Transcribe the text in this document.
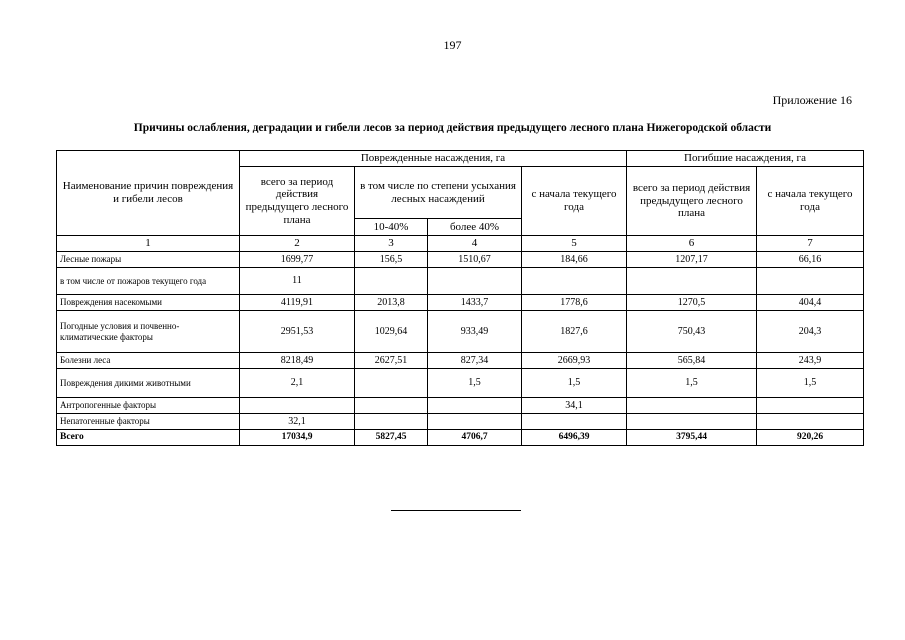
197
Приложение 16
Причины ослабления, деградации и гибели лесов за период действия предыдущего лесного плана Нижегородской области
Наименование причин повреждения и гибели лесов	Поврежденные насаждения, га				Погибшие насаждения, га	
	всего за период действия предыдущего лесного плана	в том числе по степени усыхания лесных насаждений		с начала текущего года	всего за период действия предыдущего лесного плана	с начала текущего года
		10-40%	более 40%			
1	2	3	4	5	6	7
Лесные пожары	1699,77	156,5	1510,67	184,66	1207,17	66,16
в том числе от пожаров текущего года	11					
Повреждения насекомыми	4119,91	2013,8	1433,7	1778,6	1270,5	404,4
Погодные условия и почвенно-климатические факторы	2951,53	1029,64	933,49	1827,6	750,43	204,3
Болезни леса	8218,49	2627,51	827,34	2669,93	565,84	243,9
Повреждения дикими животными	2,1		1,5	1,5	1,5	1,5
Антропогенные факторы				34,1		
Непатогенные факторы	32,1					
Всего	17034,9	5827,45	4706,7	6496,39	3795,44	920,26
